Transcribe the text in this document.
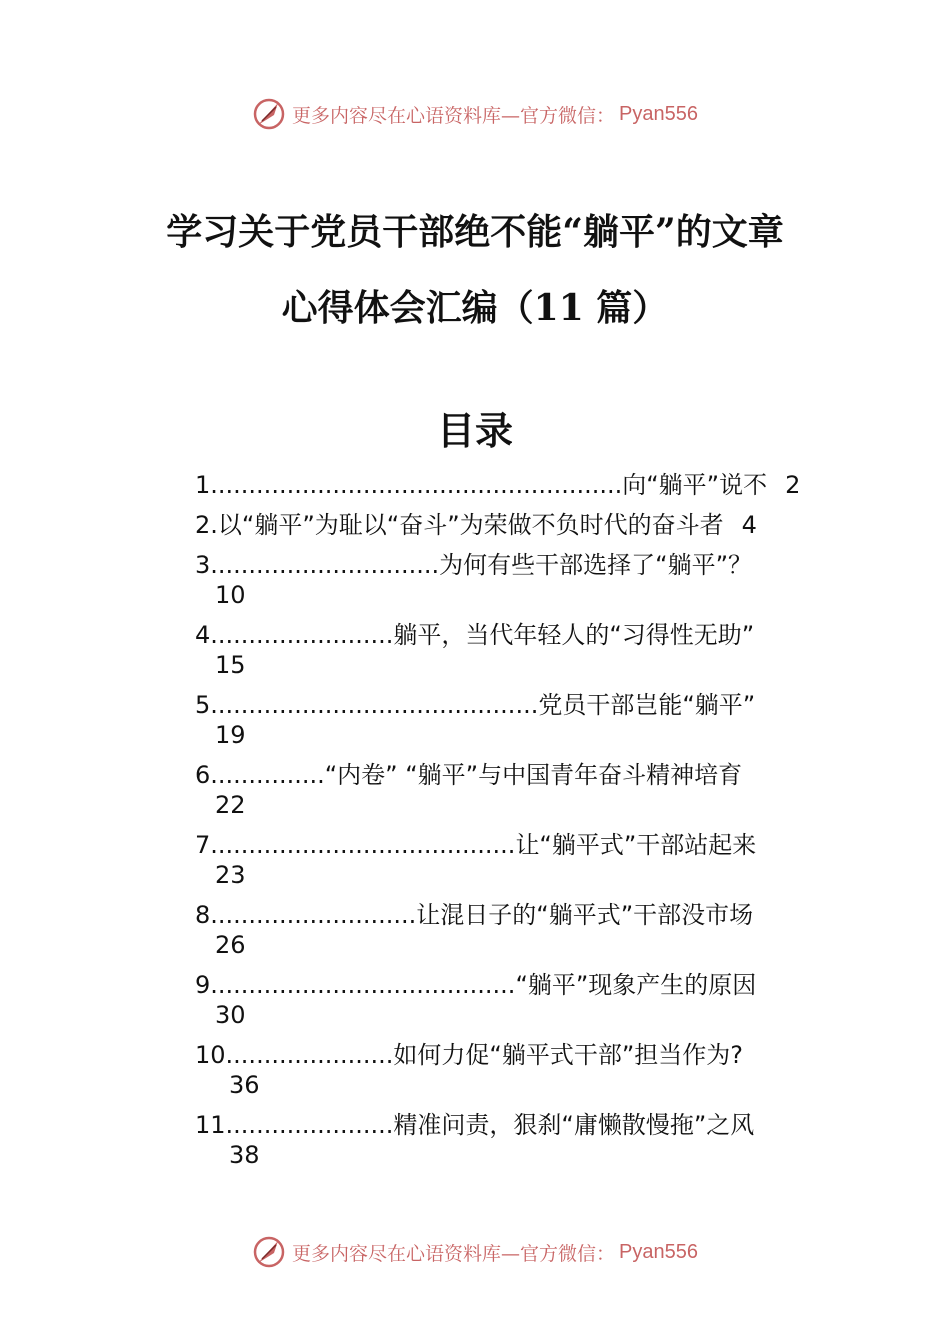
更多内容尽在心语资料库—官方微信： Pyan556
学习关于党员干部绝不能“躺平”的文章
心得体会汇编（11 篇）
目录
1 ...................................................... 向“躺平”说不 2
2. 以“躺平”为耻以“奋斗”为荣做不负时代的奋斗者 4
3 .............................. 为何有些干部选择了“躺平”？
10
4 ........................ 躺平，当代年轻人的“习得性无助”
15
5 ........................................... 党员干部岂能“躺平”
19
6 ............... “内卷” “躺平”与中国青年奋斗精神培育
22
7 ........................................ 让“躺平式”干部站起来
23
8 ........................... 让混日子的“躺平式”干部没市场
26
9 ........................................ “躺平”现象产生的原因
30
10 ...................... 如何力促“躺平式干部”担当作为?
36
11 ...................... 精准问责，狠刹“庸懒散慢拖”之风
38
更多内容尽在心语资料库—官方微信： Pyan556
